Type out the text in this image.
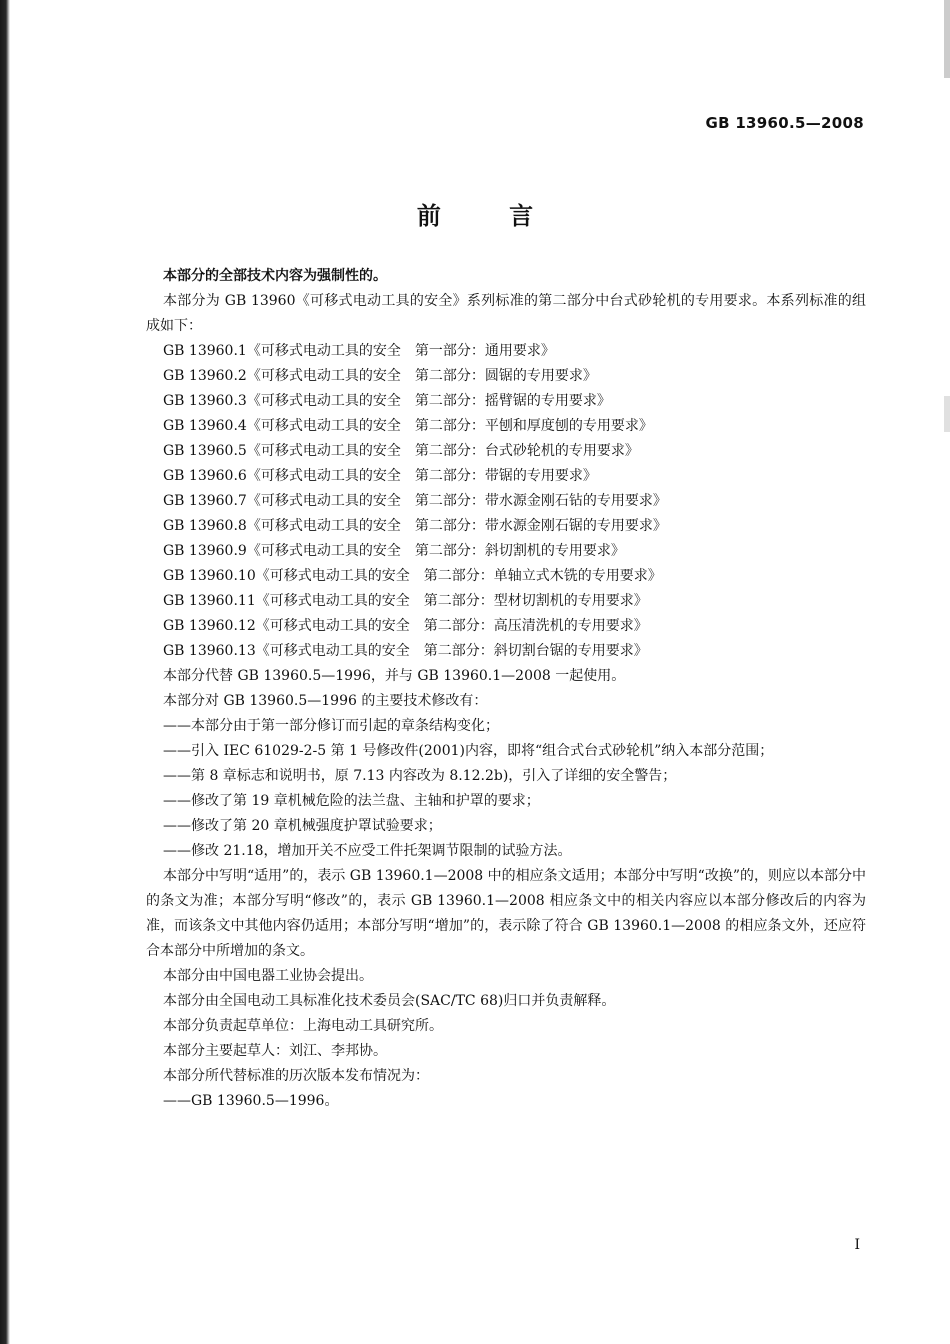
GB 13960.5—2008
前 言

本部分的全部技术内容为强制性的。

本部分为 GB 13960《可移式电动工具的安全》系列标准的第二部分中台式砂轮机的专用要求。本系列标准的组成如下：

GB 13960.1《可移式电动工具的安全 第一部分：通用要求》

GB 13960.2《可移式电动工具的安全 第二部分：圆锯的专用要求》

GB 13960.3《可移式电动工具的安全 第二部分：摇臂锯的专用要求》

GB 13960.4《可移式电动工具的安全 第二部分：平刨和厚度刨的专用要求》

GB 13960.5《可移式电动工具的安全 第二部分：台式砂轮机的专用要求》

GB 13960.6《可移式电动工具的安全 第二部分：带锯的专用要求》

GB 13960.7《可移式电动工具的安全 第二部分：带水源金刚石钻的专用要求》

GB 13960.8《可移式电动工具的安全 第二部分：带水源金刚石锯的专用要求》

GB 13960.9《可移式电动工具的安全 第二部分：斜切割机的专用要求》

GB 13960.10《可移式电动工具的安全 第二部分：单轴立式木铣的专用要求》

GB 13960.11《可移式电动工具的安全 第二部分：型材切割机的专用要求》

GB 13960.12《可移式电动工具的安全 第二部分：高压清洗机的专用要求》

GB 13960.13《可移式电动工具的安全 第二部分：斜切割台锯的专用要求》

本部分代替 GB 13960.5—1996，并与 GB 13960.1—2008 一起使用。

本部分对 GB 13960.5—1996 的主要技术修改有：

——本部分由于第一部分修订而引起的章条结构变化；

——引入 IEC 61029-2-5 第 1 号修改件(2001)内容，即将“组合式台式砂轮机”纳入本部分范围；

——第 8 章标志和说明书，原 7.13 内容改为 8.12.2b)，引入了详细的安全警告；

——修改了第 19 章机械危险的法兰盘、主轴和护罩的要求；

——修改了第 20 章机械强度护罩试验要求；

——修改 21.18，增加开关不应受工件托架调节限制的试验方法。

本部分中写明“适用”的，表示 GB 13960.1—2008 中的相应条文适用；本部分中写明“改换”的，则应以本部分中的条文为准；本部分写明“修改”的，表示 GB 13960.1—2008 相应条文中的相关内容应以本部分修改后的内容为准，而该条文中其他内容仍适用；本部分写明“增加”的，表示除了符合 GB 13960.1—2008 的相应条文外，还应符合本部分中所增加的条文。

本部分由中国电器工业协会提出。

本部分由全国电动工具标准化技术委员会(SAC/TC 68)归口并负责解释。

本部分负责起草单位：上海电动工具研究所。

本部分主要起草人：刘江、李邦协。

本部分所代替标准的历次版本发布情况为：

——GB 13960.5—1996。

I
